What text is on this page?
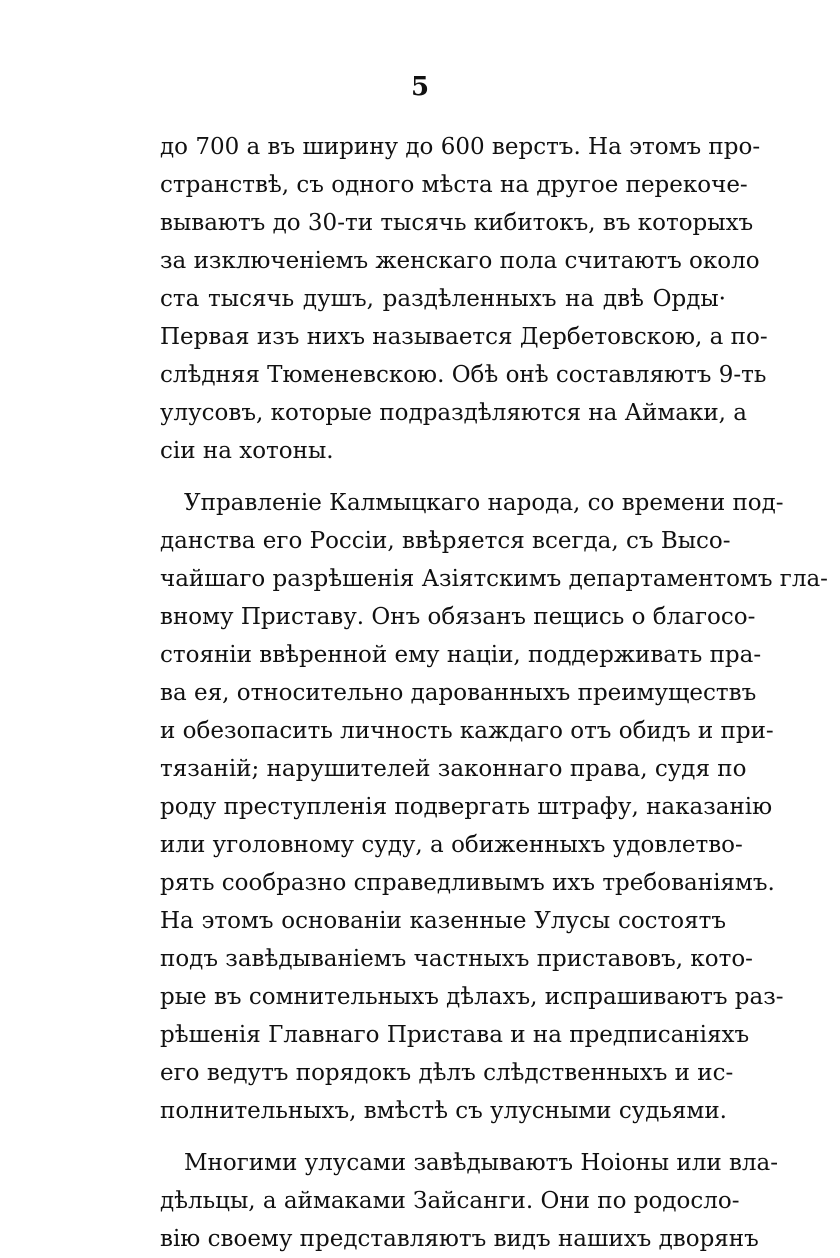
5
до 700 а въ ширину до 600 верстъ. На этомъ про-
странствѣ, съ одного мѣста на другое перекоче-
вываютъ до 30-ти тысячь кибитокъ, въ которыхъ
за изключеніемъ женскаго пола считаютъ около
ста тысячь душъ, раздѣленныхъ на двѣ Орды·
Первая изъ нихъ называется Дербетовскою, а по-
слѣдняя Тюменевскою. Обѣ онѣ составляютъ 9-ть
улусовъ, которые подраздѣляются на Аймаки, а
сіи на хотоны.
Управленіе Калмыцкаго народа, со времени под-
данства его Россіи, ввѣряется всегда, съ Высо-
чайшаго разрѣшенія Азіятскимъ департаментомъ гла-
вному Приставу. Онъ обязанъ пещись о благосо-
стояніи ввѣренной ему націи, поддерживать пра-
ва ея, относительно дарованныхъ преимуществъ
и обезопасить личность каждаго отъ обидъ и при-
тязаній; нарушителей законнаго права, судя по
роду преступленія подвергать штрафу, наказанію
или уголовному суду, а обиженныхъ удовлетво-
рять сообразно справедливымъ ихъ требованіямъ.
На этомъ основаніи казенные Улусы состоятъ
подъ завѣдываніемъ частныхъ приставовъ, кото-
рые въ сомнительныхъ дѣлахъ, испрашиваютъ раз-
рѣшенія Главнаго Пристава и на предписаніяхъ
его ведутъ порядокъ дѣлъ слѣдственныхъ и ис-
полнительныхъ, вмѣстѣ съ улусными судьями.
Многими улусами завѣдываютъ Ноіоны или вла-
дѣльцы, а аймаками Зайсанги. Они по родосло-
вію своему представляютъ видъ нашихъ дворянъ
